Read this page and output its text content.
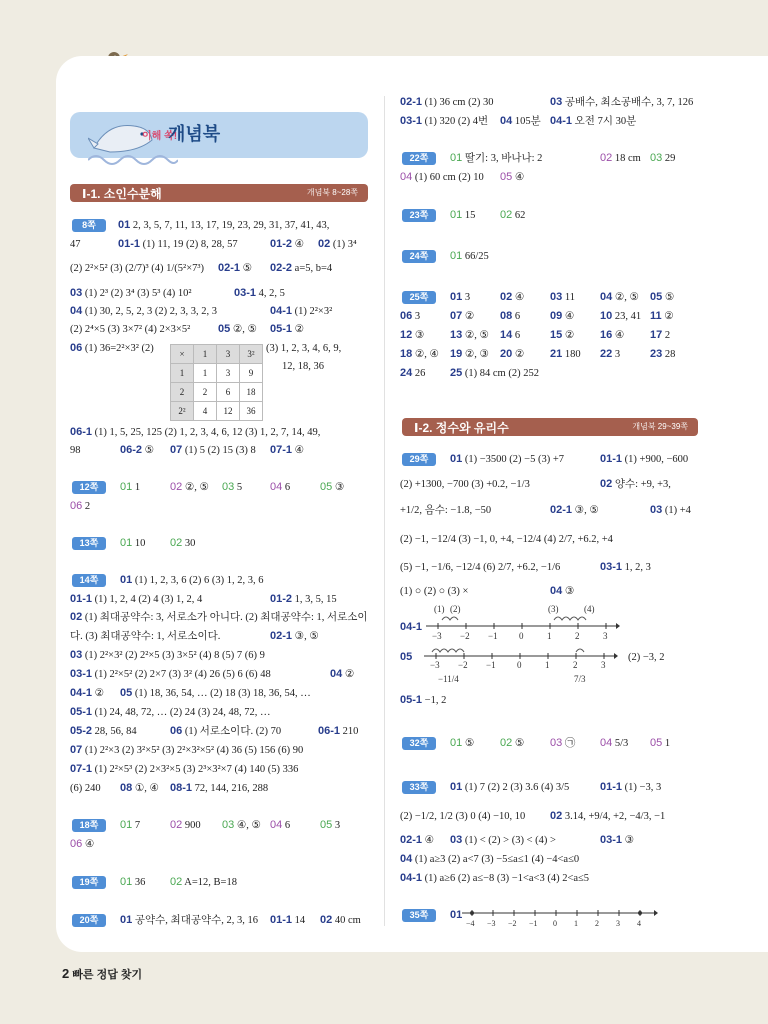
이해 쏙!
개념북
Ⅰ-1. 소인수분해	개념북 8~28쪽
Ⅰ-2. 정수와 유리수	개념북 29~39쪽
8쪽	01 2, 3, 5, 7, 11, 13, 17, 19, 23, 29, 31, 37, 41, 43,
47	01-1 (1) 11, 19 (2) 8, 28, 57	01-2 ④ 02 (1) 3⁴
(2) 2²×5² (3) (2/7)³ (4) 1/(5²×7³) 02-1 ⑤ 02-2 a=5, b=4
03 (1) 2³ (2) 3⁴ (3) 5³ (4) 10²	03-1 4, 2, 5
04 (1) 30, 2, 5, 2, 3 (2) 2, 3, 3, 2, 3	04-1 (1) 2²×3²
(2) 2⁴×5 (3) 3×7² (4) 2×3×5²	05 ②, ⑤ 05-1 ②
06 (1) 36=2²×3² (2)	(3) 1, 2, 3, 4, 6, 9,
12, 18, 36
×	1	3	3²
1	1	3	9
2	2	6	18
2²	4	12	36
06-1 (1) 1, 5, 25, 125 (2) 1, 2, 3, 4, 6, 12 (3) 1, 2, 7, 14, 49,
98	06-2 ⑤ 07 (1) 5 (2) 15 (3) 8 07-1 ④
12쪽	01 1	02 ②, ⑤ 03 5	04 6	05 ③
06 2
13쪽	01 10 02 30
14쪽	01 (1) 1, 2, 3, 6 (2) 6 (3) 1, 2, 3, 6
01-1 (1) 1, 2, 4 (2) 4 (3) 1, 2, 4	01-2 1, 3, 5, 15
02 (1) 최대공약수: 3, 서로소가 아니다. (2) 최대공약수: 1, 서로소이
다. (3) 최대공약수: 1, 서로소이다.	02-1 ③, ⑤
03 (1) 2²×3² (2) 2²×5 (3) 3×5² (4) 8 (5) 7 (6) 9
03-1 (1) 2²×5² (2) 2×7 (3) 3² (4) 26 (5) 6 (6) 48	04 ②
04-1 ② 05 (1) 18, 36, 54, … (2) 18 (3) 18, 36, 54, …
05-1 (1) 24, 48, 72, … (2) 24 (3) 24, 48, 72, …
05-2 28, 56, 84	06 (1) 서로소이다. (2) 70	06-1 210
07 (1) 2²×3 (2) 3²×5² (3) 2²×3²×5² (4) 36 (5) 156 (6) 90
07-1 (1) 2²×5³ (2) 2×3²×5 (3) 2³×3²×7 (4) 140 (5) 336
(6) 240 08 ①, ④ 08-1 72, 144, 216, 288
18쪽	01 7	02 900 03 ④, ⑤ 04 6	05 3
06 ④
19쪽	01 36 02 A=12, B=18
20쪽	01 공약수, 최대공약수, 2, 3, 16 01-1 14 02 40 cm
02-1 (1) 36 cm (2) 30	03 공배수, 최소공배수, 3, 7, 126
03-1 (1) 320 (2) 4번 04 105분 04-1 오전 7시 30분
22쪽	01 딸기: 3, 바나나: 2	02 18 cm 03 29
04 (1) 60 cm (2) 10 05 ④
23쪽	01 15 02 62
24쪽	01 66/25
25쪽	01 3	02 ④ 03 11 04 ②, ⑤ 05 ⑤
06 3	07 ② 08 6	09 ④ 10 23, 41 11 ②
12 ③ 13 ②, ⑤ 14 6	15 ② 16 ④ 17 2
18 ②, ④ 19 ②, ③ 20 ② 21 180 22 3	23 28
24 26 25 (1) 84 cm (2) 252
29쪽	01 (1) −3500 (2) −5 (3) +7	01-1 (1) +900, −600
(2) +1300, −700 (3) +0.2, −1/3	02 양수: +9, +3,
+1/2, 음수: −1.8, −50	02-1 ③, ⑤	03 (1) +4
(2) −1, −12/4 (3) −1, 0, +4, −12/4 (4) 2/7, +6.2, +4
(5) −1, −1/6, −12/4 (6) 2/7, +6.2, −1/6	03-1 1, 2, 3
(1) ○ (2) ○ (3) ×	04 ③
04-1
(1) (2)	(3)	(4)
−3 −2 −1 0	1	2	3
05
−3 −2 −1 0	1	2	3
−11/4	7/3
(2) −3, 2
05-1 −1, 2
32쪽	01 ⑤ 02 ⑤ 03 ㉠ 04 5/3 05 1
33쪽	01 (1) 7 (2) 2 (3) 3.6 (4) 3/5	01-1 (1) −3, 3
(2) −1/2, 1/2 (3) 0 (4) −10, 10 02 3.14, +9/4, +2, −4/3, −1
02-1 ④ 03 (1) < (2) > (3) < (4) >	03-1 ③
04 (1) a≥3 (2) a<7 (3) −5≤a≤1 (4) −4<a≤0
04-1 (1) a≥6 (2) a≤−8 (3) −1<a<3 (4) 2<a≤5
35쪽	01
−4 −3 −2 −1 0 1 2 3 4
2 빠른 정답 찾기
